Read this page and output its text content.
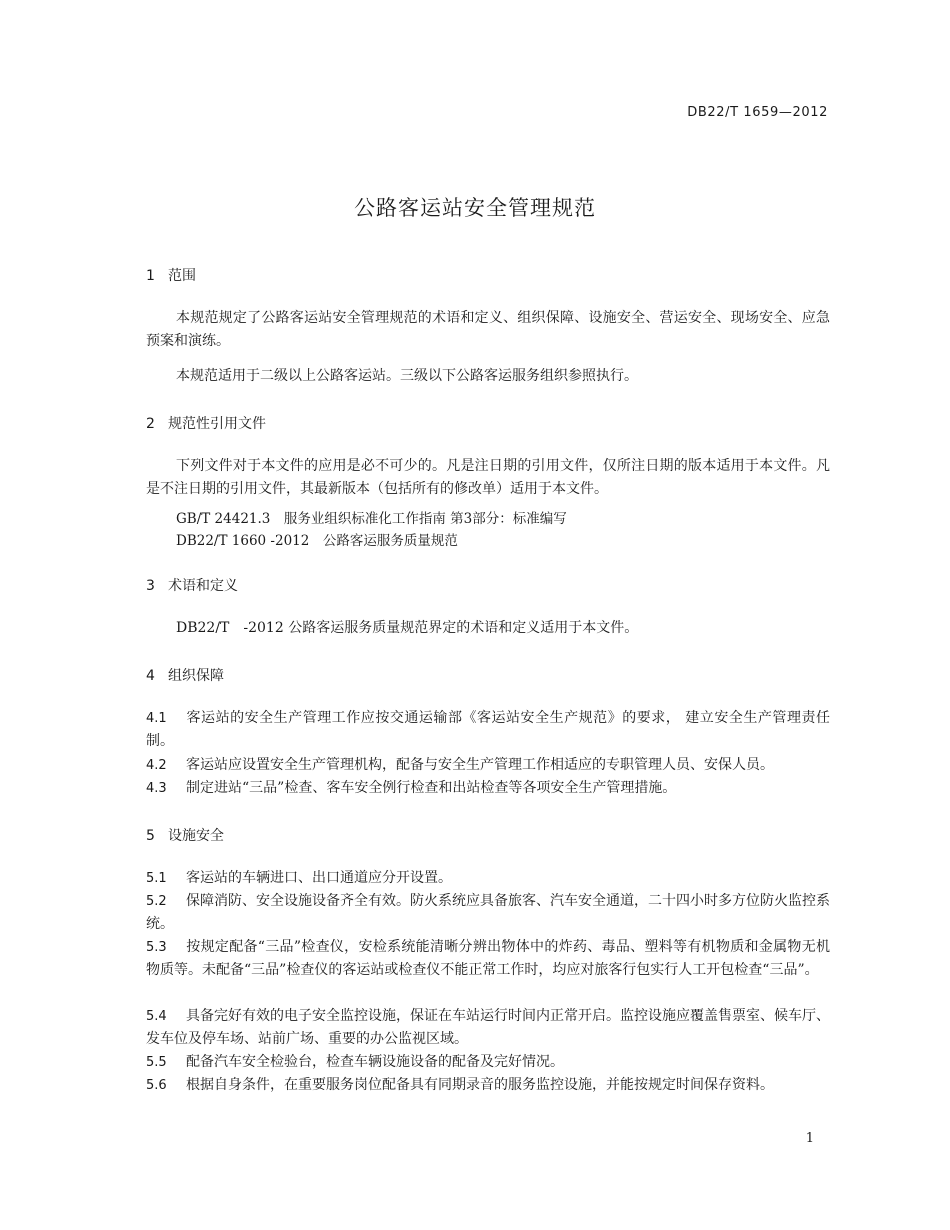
DB22/T 1659—2012
公路客运站安全管理规范
1 范围

本规范规定了公路客运站安全管理规范的术语和定义、组织保障、设施安全、营运安全、现场安全、应急预案和演练。

本规范适用于二级以上公路客运站。三级以下公路客运服务组织参照执行。

2 规范性引用文件

下列文件对于本文件的应用是必不可少的。凡是注日期的引用文件，仅所注日期的版本适用于本文件。凡是不注日期的引用文件，其最新版本（包括所有的修改单）适用于本文件。

GB/T 24421.3　服务业组织标准化工作指南 第3部分：标准编写
DB22/T 1660 -2012　公路客运服务质量规范
3 术语和定义

DB22/T　-2012 公路客运服务质量规范界定的术语和定义适用于本文件。

4 组织保障

4.1 客运站的安全生产管理工作应按交通运输部《客运站安全生产规范》的要求， 建立安全生产管理责任制。

4.2 客运站应设置安全生产管理机构，配备与安全生产管理工作相适应的专职管理人员、安保人员。

4.3 制定进站“三品”检查、客车安全例行检查和出站检查等各项安全生产管理措施。

5 设施安全

5.1 客运站的车辆进口、出口通道应分开设置。

5.2 保障消防、安全设施设备齐全有效。防火系统应具备旅客、汽车安全通道，二十四小时多方位防火监控系统。

5.3 按规定配备“三品”检查仪，安检系统能清晰分辨出物体中的炸药、毒品、塑料等有机物质和金属物无机物质等。未配备“三品”检查仪的客运站或检查仪不能正常工作时，均应对旅客行包实行人工开包检查“三品”。

5.4 具备完好有效的电子安全监控设施，保证在车站运行时间内正常开启。监控设施应覆盖售票室、候车厅、发车位及停车场、站前广场、重要的办公监视区域。

5.5 配备汽车安全检验台，检查车辆设施设备的配备及完好情况。

5.6 根据自身条件，在重要服务岗位配备具有同期录音的服务监控设施，并能按规定时间保存资料。

1
